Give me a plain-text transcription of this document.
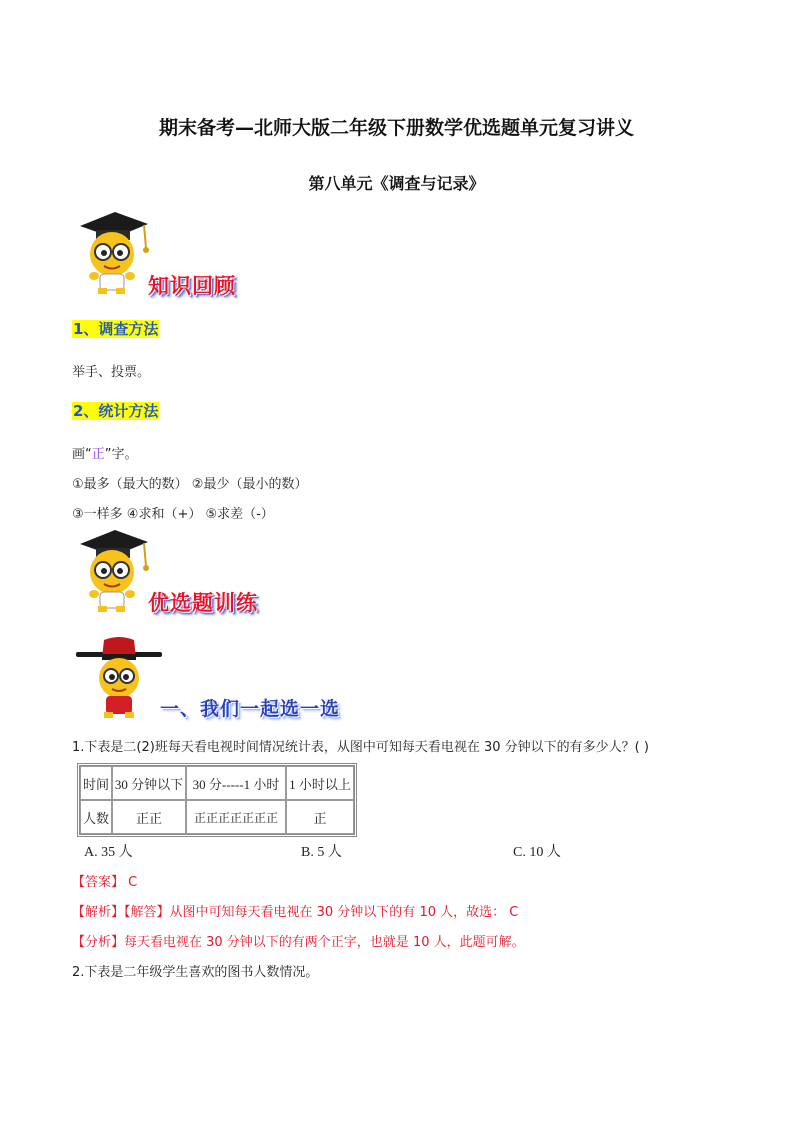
期末备考—北师大版二年级下册数学优选题单元复习讲义
第八单元《调查与记录》
知识回顾
1、调查方法
举手、投票。
2、统计方法
画“正”字。
①最多（最大的数） ②最少（最小的数）
③一样多 ④求和（+） ⑤求差（-）
优选题训练
一、我们一起选一选
1.下表是二(2)班每天看电视时间情况统计表，从图中可知每天看电视在 30 分钟以下的有多少人？( )
时间	30 分钟以下	30 分-----1 小时	1 小时以上
人数	正正	正正正正正正正	正
A. 35 人	B. 5 人	C. 10 人
【答案】 C
【解析】【解答】从图中可知每天看电视在 30 分钟以下的有 10 人，故选： C
【分析】每天看电视在 30 分钟以下的有两个正字，也就是 10 人，此题可解。
2.下表是二年级学生喜欢的图书人数情况。
